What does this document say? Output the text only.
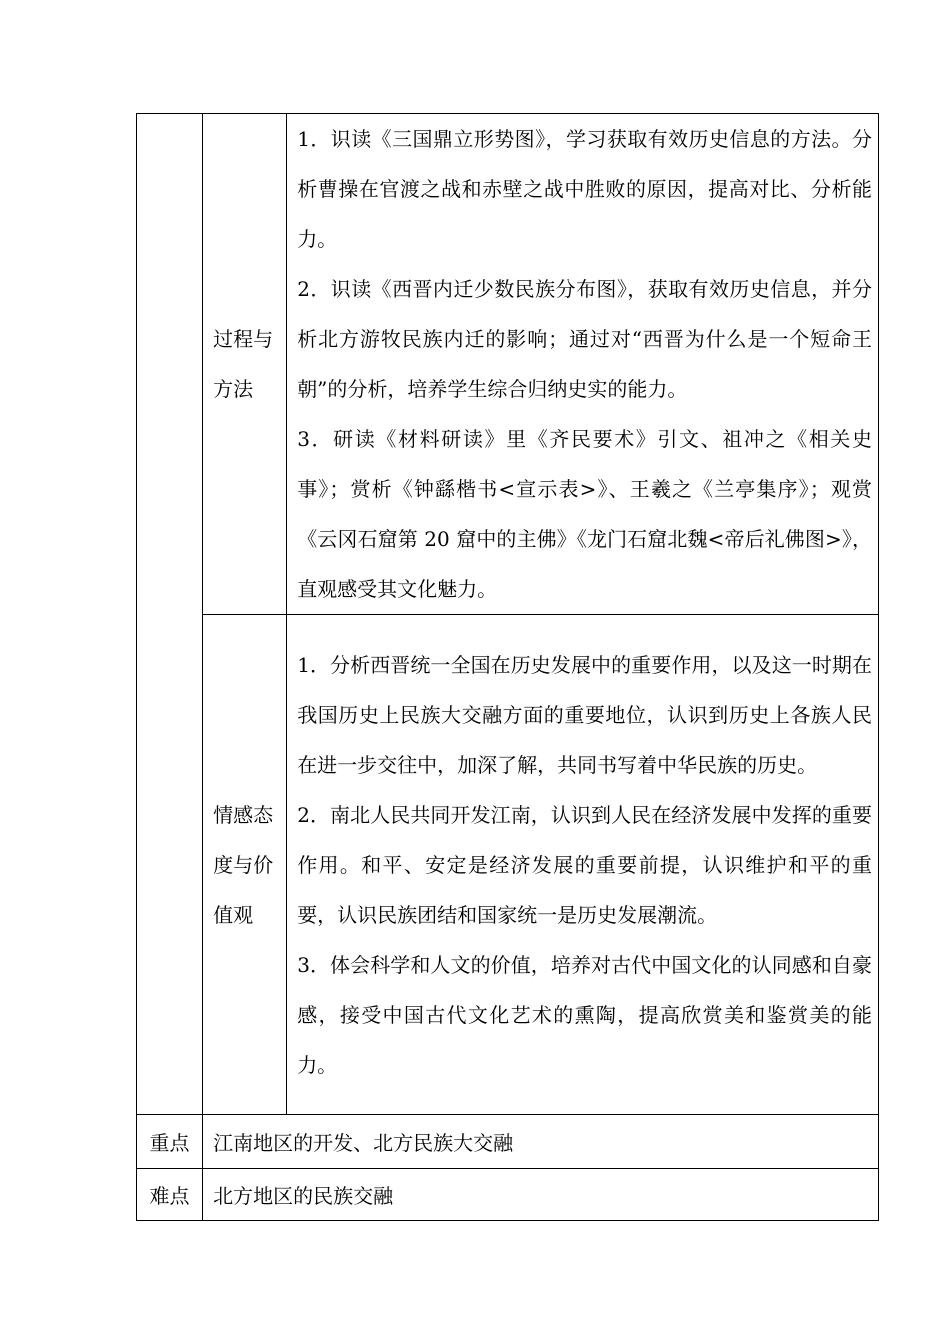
	过程与方法	1．识读《三国鼎立形势图》，学习获取有效历史信息的方法。分析曹操在官渡之战和赤壁之战中胜败的原因，提高对比、分析能力。

2．识读《西晋内迁少数民族分布图》，获取有效历史信息，并分析北方游牧民族内迁的影响；通过对“西晋为什么是一个短命王朝”的分析，培养学生综合归纳史实的能力。

3．研读《材料研读》里《齐民要术》引文、祖冲之《相关史事》；赏析《钟繇楷书<宣示表>》、王羲之《兰亭集序》；观赏《云冈石窟第 20 窟中的主佛》《龙门石窟北魏<帝后礼佛图>》，直观感受其文化魅力。

	情感态度与价值观	1．分析西晋统一全国在历史发展中的重要作用，以及这一时期在我国历史上民族大交融方面的重要地位，认识到历史上各族人民在进一步交往中，加深了解，共同书写着中华民族的历史。

2．南北人民共同开发江南，认识到人民在经济发展中发挥的重要作用。和平、安定是经济发展的重要前提，认识维护和平的重要，认识民族团结和国家统一是历史发展潮流。

3．体会科学和人文的价值，培养对古代中国文化的认同感和自豪感，接受中国古代文化艺术的熏陶，提高欣赏美和鉴赏美的能力。

重点	江南地区的开发、北方民族大交融	
难点	北方地区的民族交融	
